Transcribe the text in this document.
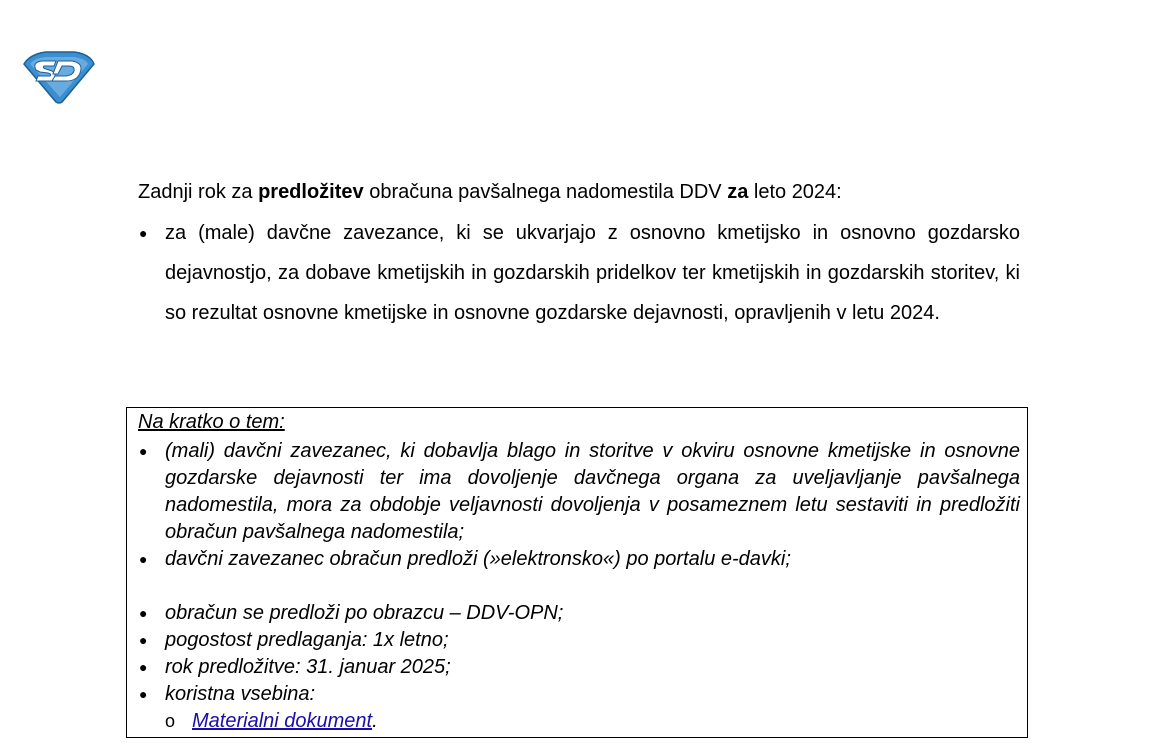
Zadnji rok za predložitev obračuna pavšalnega nadomestila DDV za leto 2024:

● za (male) davčne zavezance, ki se ukvarjajo z osnovno kmetijsko in osnovno gozdarsko dejavnostjo, za dobave kmetijskih in gozdarskih pridelkov ter kmetijskih in gozdarskih storitev, ki so rezultat osnovne kmetijske in osnovne gozdarske dejavnosti, opravljenih v letu 2024.

Na kratko o tem:

● (mali) davčni zavezanec, ki dobavlja blago in storitve v okviru osnovne kmetijske in osnovne gozdarske dejavnosti ter ima dovoljenje davčnega organa za uveljavljanje pavšalnega nadomestila, mora za obdobje veljavnosti dovoljenja v posameznem letu sestaviti in predložiti obračun pavšalnega nadomestila;
● davčni zavezanec obračun predloži (»elektronsko«) po portalu e-davki;
● obračun se predloži po obrazcu – DDV-OPN;
● pogostost predlaganja: 1x letno;
● rok predložitve: 31. januar 2025;
● koristna vsebina:
o Materialni dokument.
